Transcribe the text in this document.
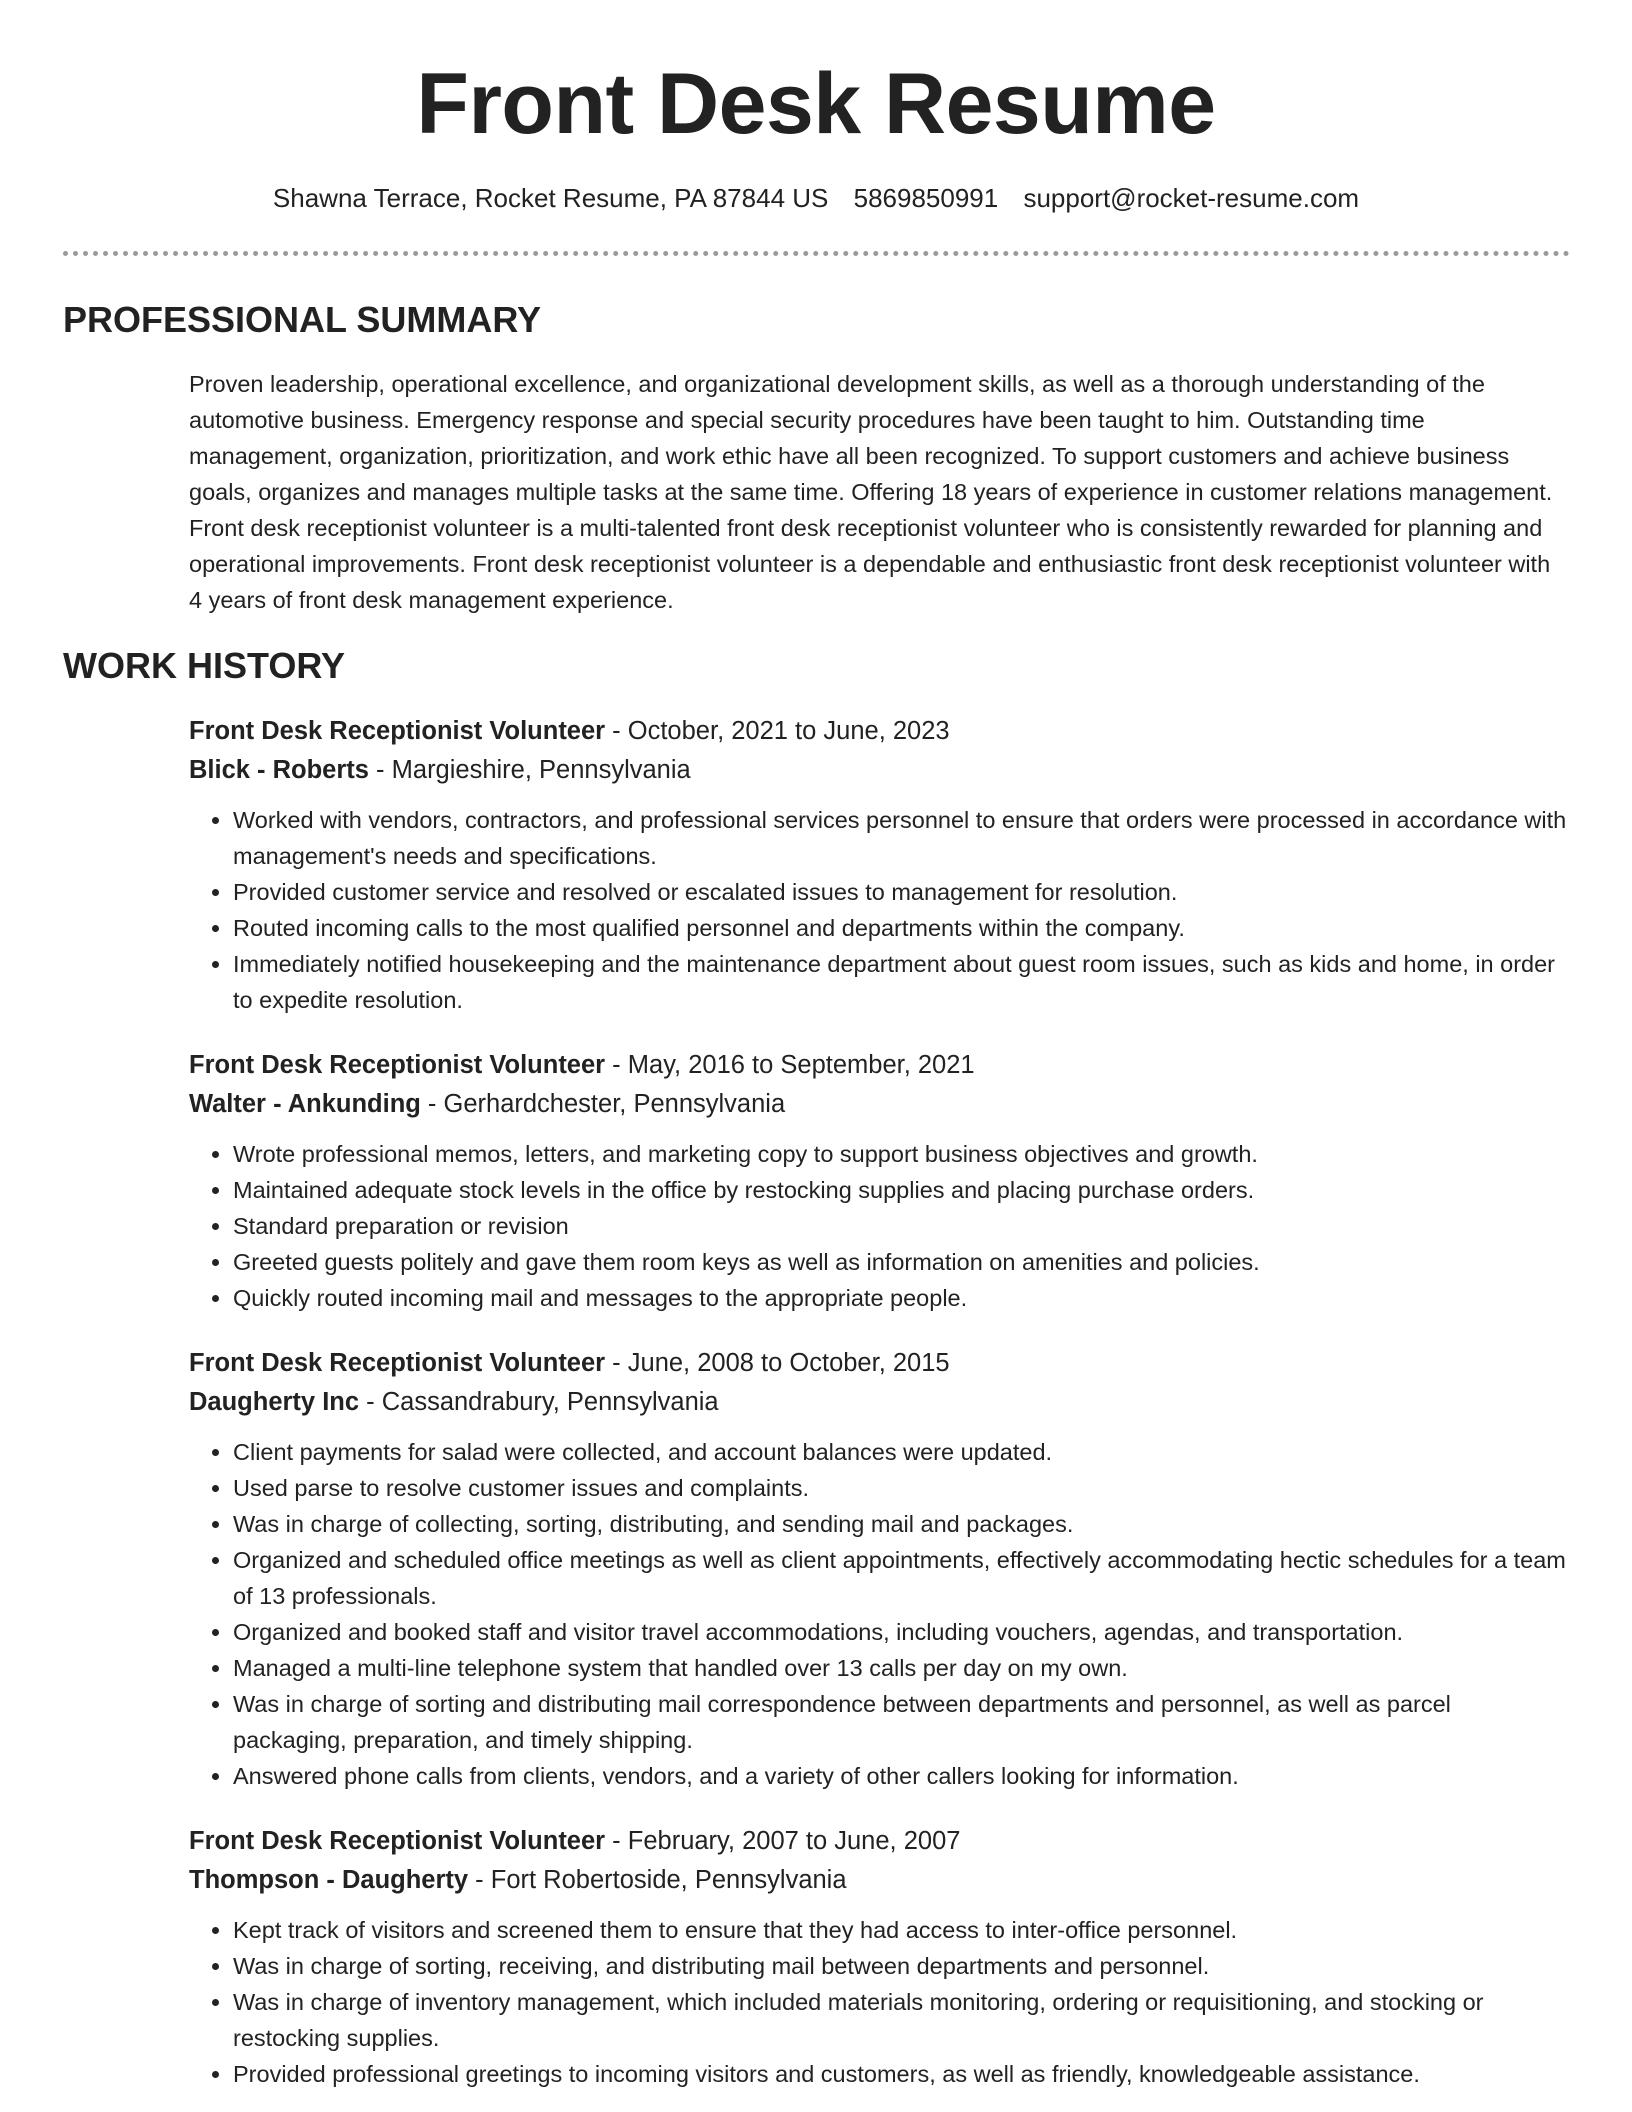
Front Desk Resume
Shawna Terrace, Rocket Resume, PA 87844 US 5869850991 support@rocket-resume.com
PROFESSIONAL SUMMARY

Proven leadership, operational excellence, and organizational development skills, as well as a thorough understanding of the automotive business. Emergency response and special security procedures have been taught to him. Outstanding time management, organization, prioritization, and work ethic have all been recognized. To support customers and achieve business goals, organizes and manages multiple tasks at the same time. Offering 18 years of experience in customer relations management. Front desk receptionist volunteer is a multi-talented front desk receptionist volunteer who is consistently rewarded for planning and operational improvements. Front desk receptionist volunteer is a dependable and enthusiastic front desk receptionist volunteer with 4 years of front desk management experience.

WORK HISTORY
Front Desk Receptionist Volunteer - October, 2021 to June, 2023
Blick - Roberts - Margieshire, Pennsylvania
• Worked with vendors, contractors, and professional services personnel to ensure that orders were processed in accordance with management's needs and specifications.
• Provided customer service and resolved or escalated issues to management for resolution.
• Routed incoming calls to the most qualified personnel and departments within the company.
• Immediately notified housekeeping and the maintenance department about guest room issues, such as kids and home, in order to expedite resolution.
Front Desk Receptionist Volunteer - May, 2016 to September, 2021
Walter - Ankunding - Gerhardchester, Pennsylvania
• Wrote professional memos, letters, and marketing copy to support business objectives and growth.
• Maintained adequate stock levels in the office by restocking supplies and placing purchase orders.
• Standard preparation or revision
• Greeted guests politely and gave them room keys as well as information on amenities and policies.
• Quickly routed incoming mail and messages to the appropriate people.
Front Desk Receptionist Volunteer - June, 2008 to October, 2015
Daugherty Inc - Cassandrabury, Pennsylvania
• Client payments for salad were collected, and account balances were updated.
• Used parse to resolve customer issues and complaints.
• Was in charge of collecting, sorting, distributing, and sending mail and packages.
• Organized and scheduled office meetings as well as client appointments, effectively accommodating hectic schedules for a team of 13 professionals.
• Organized and booked staff and visitor travel accommodations, including vouchers, agendas, and transportation.
• Managed a multi-line telephone system that handled over 13 calls per day on my own.
• Was in charge of sorting and distributing mail correspondence between departments and personnel, as well as parcel packaging, preparation, and timely shipping.
• Answered phone calls from clients, vendors, and a variety of other callers looking for information.
Front Desk Receptionist Volunteer - February, 2007 to June, 2007
Thompson - Daugherty - Fort Robertoside, Pennsylvania
• Kept track of visitors and screened them to ensure that they had access to inter-office personnel.
• Was in charge of sorting, receiving, and distributing mail between departments and personnel.
• Was in charge of inventory management, which included materials monitoring, ordering or requisitioning, and stocking or restocking supplies.
• Provided professional greetings to incoming visitors and customers, as well as friendly, knowledgeable assistance.
